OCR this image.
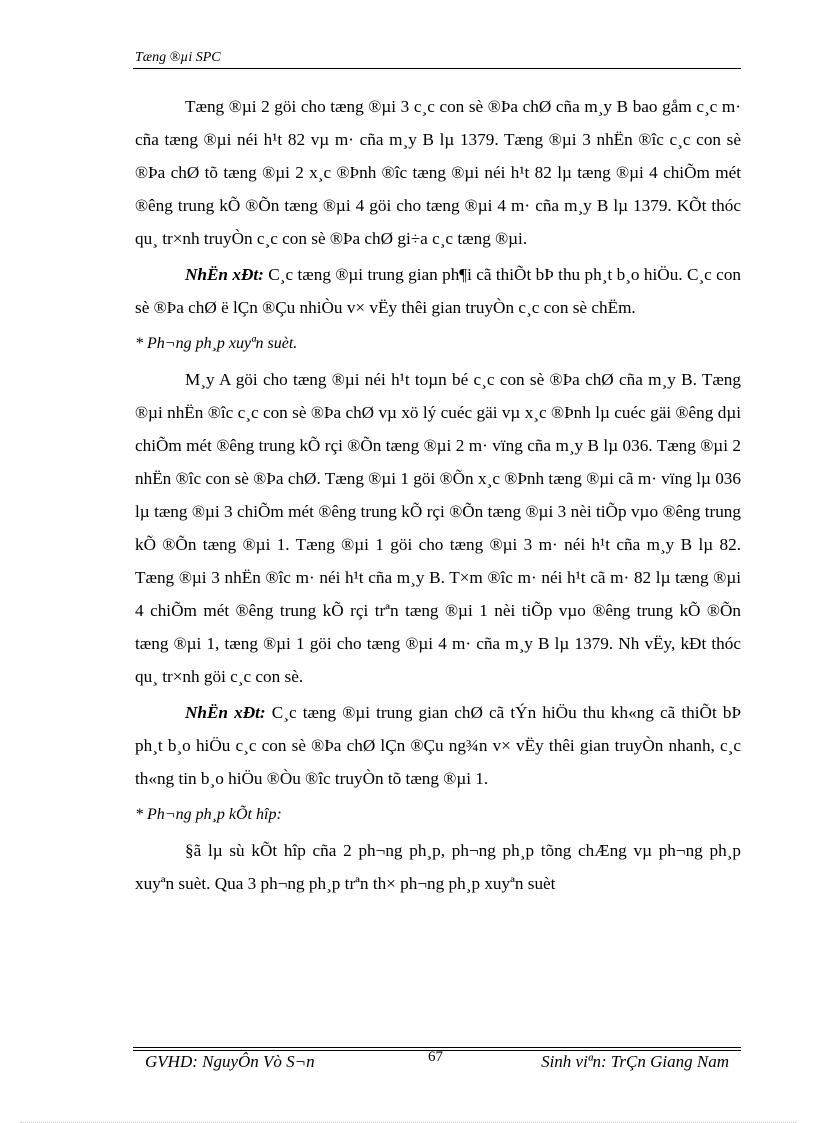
Tæng ®µi SPC

Tæng ®µi 2 göi cho tæng ®µi 3 c¸c con sè ®Þa chØ cña m¸y B bao gåm c¸c m· cña tæng ®µi néi h¹t 82 vµ m· cña m¸y B lµ 1379. Tæng ®µi 3 nhËn ®îc c¸c con sè ®Þa chØ tõ tæng ®µi 2 x¸c ®Þnh ®îc tæng ®µi néi h¹t 82 lµ tæng ®µi 4 chiÕm mét ®êng trung kÕ ®Õn tæng ®µi 4 göi cho tæng ®µi 4 m· cña m¸y B lµ 1379. KÕt thóc qu¸ tr×nh truyÒn c¸c con sè ®Þa chØ gi÷a c¸c tæng ®µi.

NhËn xÐt: C¸c tæng ®µi trung gian ph¶i cã thiÕt bÞ thu ph¸t b¸o hiÖu. C¸c con sè ®Þa chØ ë lÇn ®Çu nhiÒu v× vËy thêi gian truyÒn c¸c con sè chËm.

* Ph¬ng ph¸p xuyªn suèt.

M¸y A göi cho tæng ®µi néi h¹t toµn bé c¸c con sè ®Þa chØ cña m¸y B. Tæng ®µi nhËn ®îc c¸c con sè ®Þa chØ vµ xö lý cuéc gäi vµ x¸c ®Þnh lµ cuéc gäi ®êng dµi chiÕm mét ®êng trung kÕ rçi ®Õn tæng ®µi 2 m· vïng cña m¸y B lµ 036. Tæng ®µi 2 nhËn ®îc con sè ®Þa chØ. Tæng ®µi 1 göi ®Õn x¸c ®Þnh tæng ®µi cã m· vïng lµ 036 lµ tæng ®µi 3 chiÕm mét ®êng trung kÕ rçi ®Õn tæng ®µi 3 nèi tiÕp vµo ®êng trung kÕ ®Õn tæng ®µi 1. Tæng ®µi 1 göi cho tæng ®µi 3 m· néi h¹t cña m¸y B lµ 82. Tæng ®µi 3 nhËn ®îc m· néi h¹t cña m¸y B. T×m ®îc m· néi h¹t cã m· 82 lµ tæng ®µi 4 chiÕm mét ®êng trung kÕ rçi trªn tæng ®µi 1 nèi tiÕp vµo ®êng trung kÕ ®Õn tæng ®µi 1, tæng ®µi 1 göi cho tæng ®µi 4 m· cña m¸y B lµ 1379. Nh vËy, kÐt thóc qu¸ tr×nh göi c¸c con sè.

NhËn xÐt: C¸c tæng ®µi trung gian chØ cã tÝn hiÖu thu kh«ng cã thiÕt bÞ ph¸t b¸o hiÖu c¸c con sè ®Þa chØ lÇn ®Çu ng¾n v× vËy thêi gian truyÒn nhanh, c¸c th«ng tin b¸o hiÖu ®Òu ®îc truyÒn tõ tæng ®µi 1.

* Ph¬ng ph¸p kÕt hîp:

§ã lµ sù kÕt hîp cña 2 ph¬ng ph¸p, ph¬ng ph¸p tõng chÆng vµ ph¬ng ph¸p xuyªn suèt. Qua 3 ph¬ng ph¸p trªn th× ph¬ng ph¸p xuyªn suèt

GVHD: NguyÔn Vò S¬n	67	Sinh viªn: TrÇn Giang Nam
